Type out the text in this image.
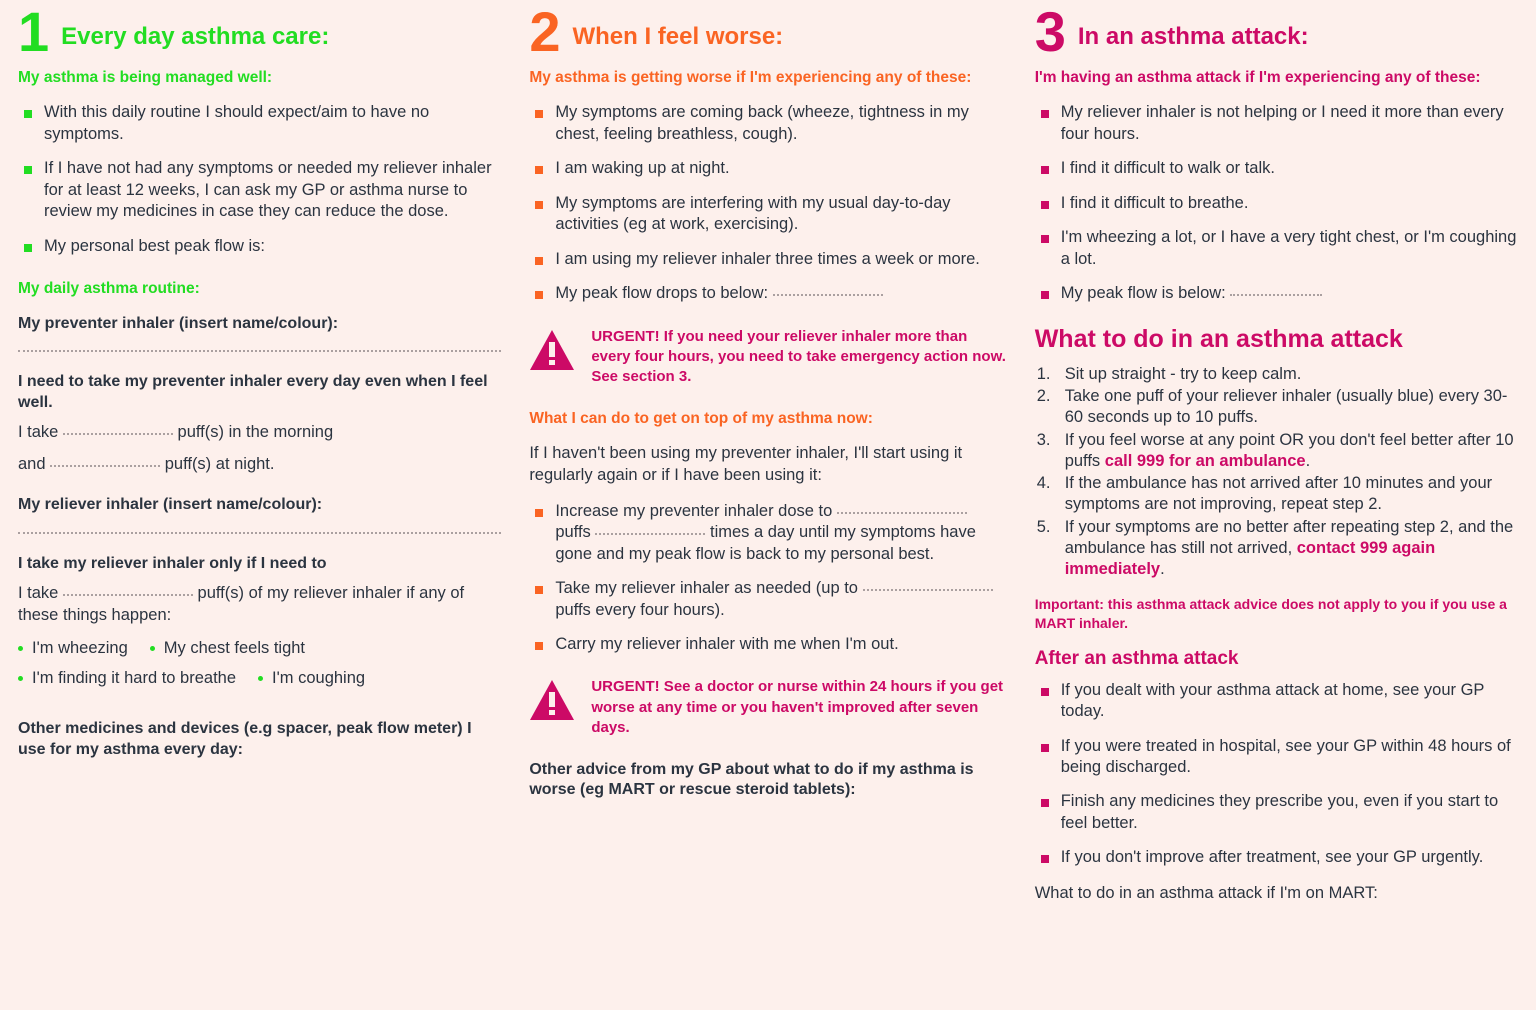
1 Every day asthma care:

My asthma is being managed well:

With this daily routine I should expect/aim to have no symptoms.
If I have not had any symptoms or needed my reliever inhaler for at least 12 weeks, I can ask my GP or asthma nurse to review my medicines in case they can reduce the dose.
My personal best peak flow is:

My daily asthma routine:

My preventer inhaler (insert name/colour):

I need to take my preventer inhaler every day even when I feel well.

I take	puff(s) in the morning

and	puff(s) at night.

My reliever inhaler (insert name/colour):

I take my reliever inhaler only if I need to

I take	puff(s) of my reliever inhaler if any of these things happen:

I'm wheezing	My chest feels tight
I'm finding it hard to breathe	I'm coughing

Other medicines and devices (e.g spacer, peak flow meter) I use for my asthma every day:

2 When I feel worse:

My asthma is getting worse if I'm experiencing any of these:

My symptoms are coming back (wheeze, tightness in my chest, feeling breathless, cough).
I am waking up at night.
My symptoms are interfering with my usual day-to-day activities (eg at work, exercising).
I am using my reliever inhaler three times a week or more.
My peak flow drops to below:
URGENT! If you need your reliever inhaler more than every four hours, you need to take emergency action now. See section 3.

What I can do to get on top of my asthma now:

If I haven't been using my preventer inhaler, I'll start using it regularly again or if I have been using it:

Increase my preventer inhaler dose to  puffs	times a day until my symptoms have gone and my peak flow is back to my personal best.
Take my reliever inhaler as needed (up to  puffs every four hours).
Carry my reliever inhaler with me when I'm out.
URGENT! See a doctor or nurse within 24 hours if you get worse at any time or you haven't improved after seven days.

Other advice from my GP about what to do if my asthma is worse (eg MART or rescue steroid tablets):

3 In an asthma attack:

I'm having an asthma attack if I'm experiencing any of these:

My reliever inhaler is not helping or I need it more than every four hours.
I find it difficult to walk or talk.
I find it difficult to breathe.
I'm wheezing a lot, or I have a very tight chest, or I'm coughing a lot.
My peak flow is below:
What to do in an asthma attack
Sit up straight - try to keep calm.
Take one puff of your reliever inhaler (usually blue) every 30-60 seconds up to 10 puffs.
If you feel worse at any point OR you don't feel better after 10 puffs call 999 for an ambulance.
If the ambulance has not arrived after 10 minutes and your symptoms are not improving, repeat step 2.
If your symptoms are no better after repeating step 2, and the ambulance has still not arrived, contact 999 again immediately.

Important: this asthma attack advice does not apply to you if you use a MART inhaler.

After an asthma attack
If you dealt with your asthma attack at home, see your GP today.
If you were treated in hospital, see your GP within 48 hours of being discharged.
Finish any medicines they prescribe you, even if you start to feel better.
If you don't improve after treatment, see your GP urgently.

What to do in an asthma attack if I'm on MART:
